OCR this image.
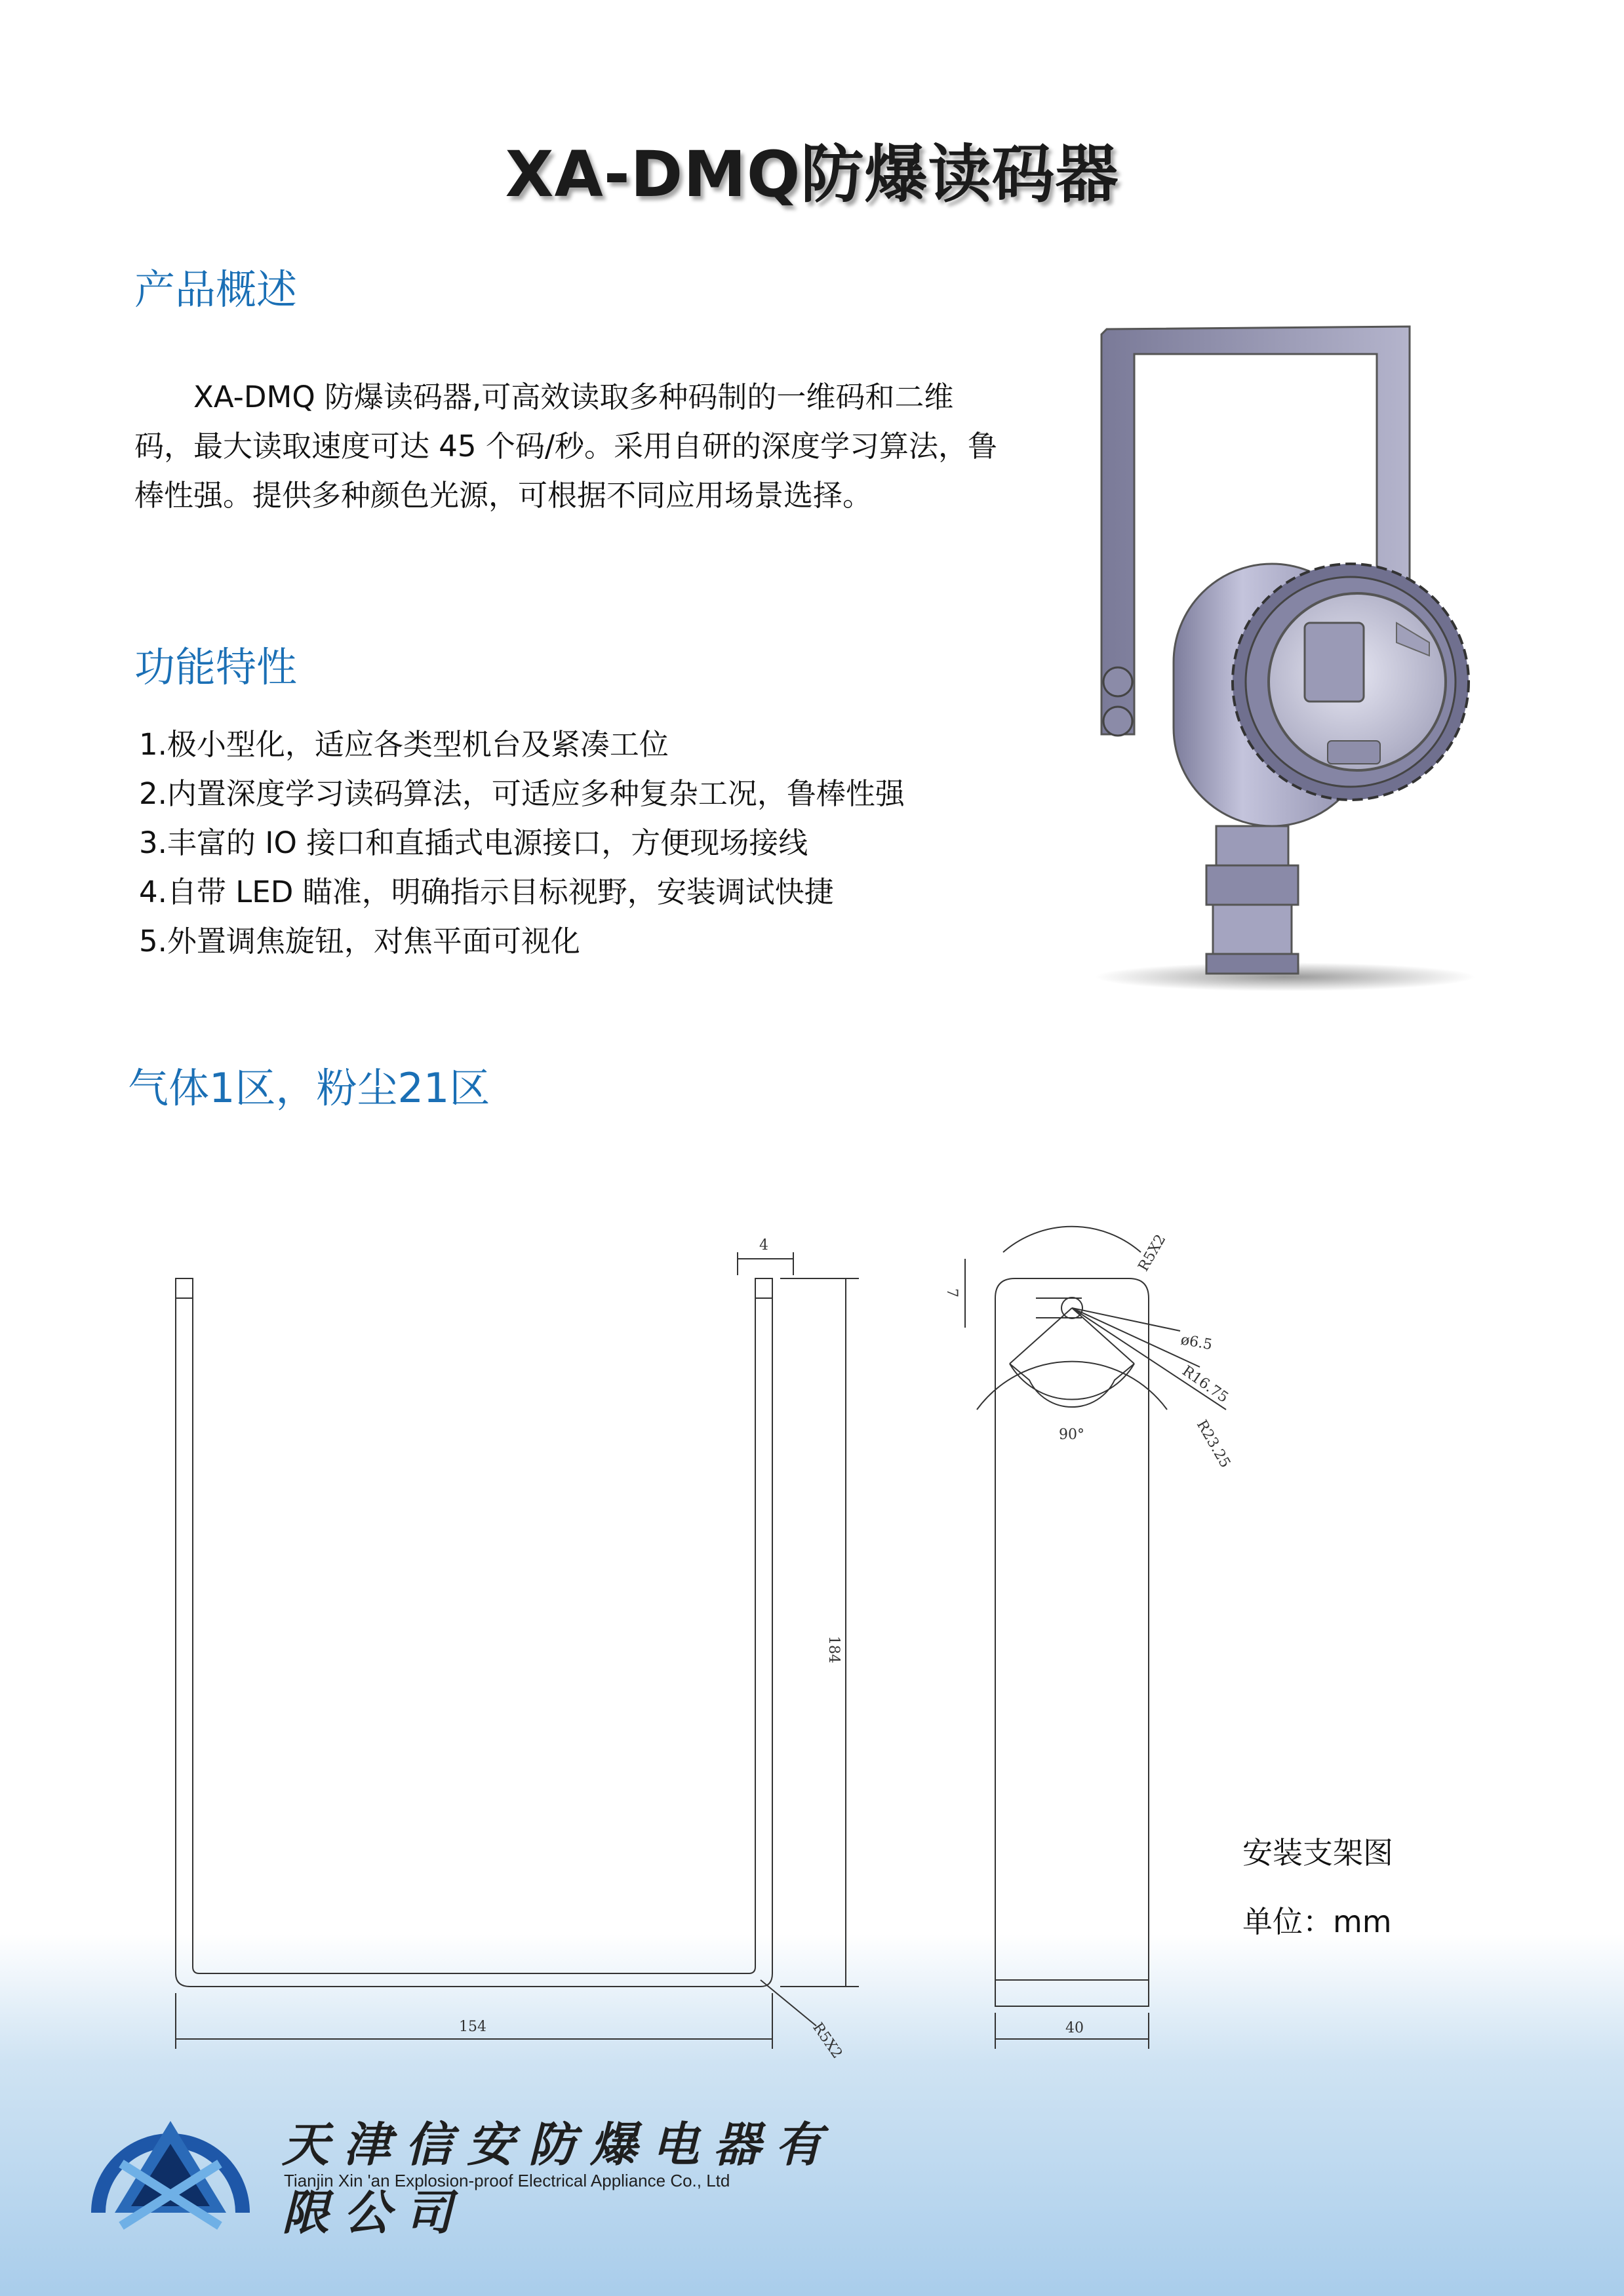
XA-DMQ防爆读码器
产品概述
XA-DMQ 防爆读码器,可高效读取多种码制的一维码和二维码，最大读取速度可达 45 个码/秒。采用自研的深度学习算法，鲁棒性强。提供多种颜色光源，可根据不同应用场景选择。
功能特性
1.极小型化，适应各类型机台及紧凑工位
2.内置深度学习读码算法，可适应多种复杂工况，鲁棒性强
3.丰富的 IO 接口和直插式电源接口，方便现场接线
4.自带 LED 瞄准，明确指示目标视野，安装调试快捷
5.外置调焦旋钮，对焦平面可视化
气体1区，粉尘21区
154
4
184
R5X2
R5X2
7
ø6.5
R16.75
R23.25
90°
40
安装支架图
单位：mm
天津信安防爆电器有限公司
Tianjin Xin 'an Explosion-proof Electrical Appliance Co., Ltd
